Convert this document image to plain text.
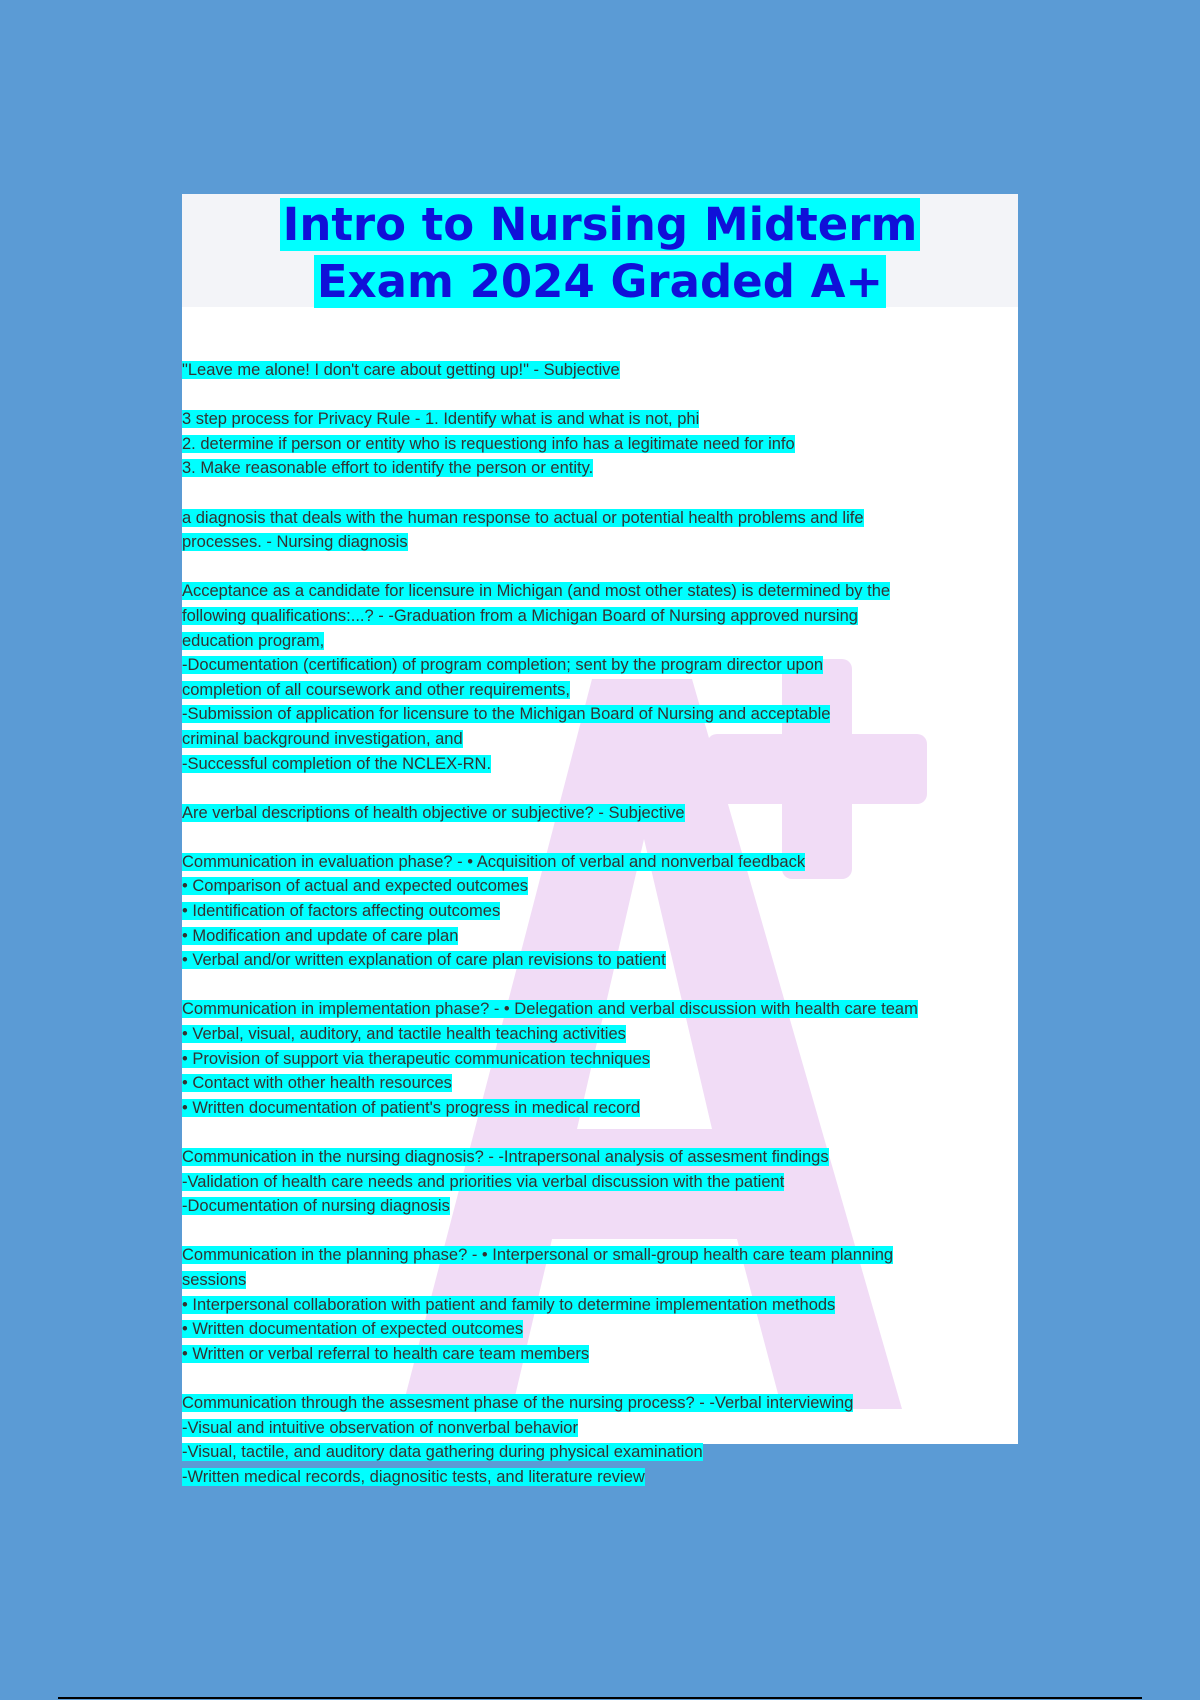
Intro to Nursing Midterm
Exam 2024 Graded A+
"Leave me alone! I don't care about getting up!" - Subjective
3 step process for Privacy Rule - 1. Identify what is and what is not, phi
2. determine if person or entity who is requestiong info has a legitimate need for info
3. Make reasonable effort to identify the person or entity.
a diagnosis that deals with the human response to actual or potential health problems and life
processes. - Nursing diagnosis
Acceptance as a candidate for licensure in Michigan (and most other states) is determined by the
following qualifications:...? - -Graduation from a Michigan Board of Nursing approved nursing
education program,
-Documentation (certification) of program completion; sent by the program director upon
completion of all coursework and other requirements,
-Submission of application for licensure to the Michigan Board of Nursing and acceptable
criminal background investigation, and
-Successful completion of the NCLEX-RN.
Are verbal descriptions of health objective or subjective? - Subjective
Communication in evaluation phase? - • Acquisition of verbal and nonverbal feedback
• Comparison of actual and expected outcomes
• Identification of factors affecting outcomes
• Modification and update of care plan
• Verbal and/or written explanation of care plan revisions to patient
Communication in implementation phase? - • Delegation and verbal discussion with health care team
• Verbal, visual, auditory, and tactile health teaching activities
• Provision of support via therapeutic communication techniques
• Contact with other health resources
• Written documentation of patient's progress in medical record
Communication in the nursing diagnosis? - -Intrapersonal analysis of assesment findings
-Validation of health care needs and priorities via verbal discussion with the patient
-Documentation of nursing diagnosis
Communication in the planning phase? - • Interpersonal or small-group health care team planning
sessions
• Interpersonal collaboration with patient and family to determine implementation methods
• Written documentation of expected outcomes
• Written or verbal referral to health care team members
Communication through the assesment phase of the nursing process? - -Verbal interviewing
-Visual and intuitive observation of nonverbal behavior
-Visual, tactile, and auditory data gathering during physical examination
-Written medical records, diagnositic tests, and literature review
